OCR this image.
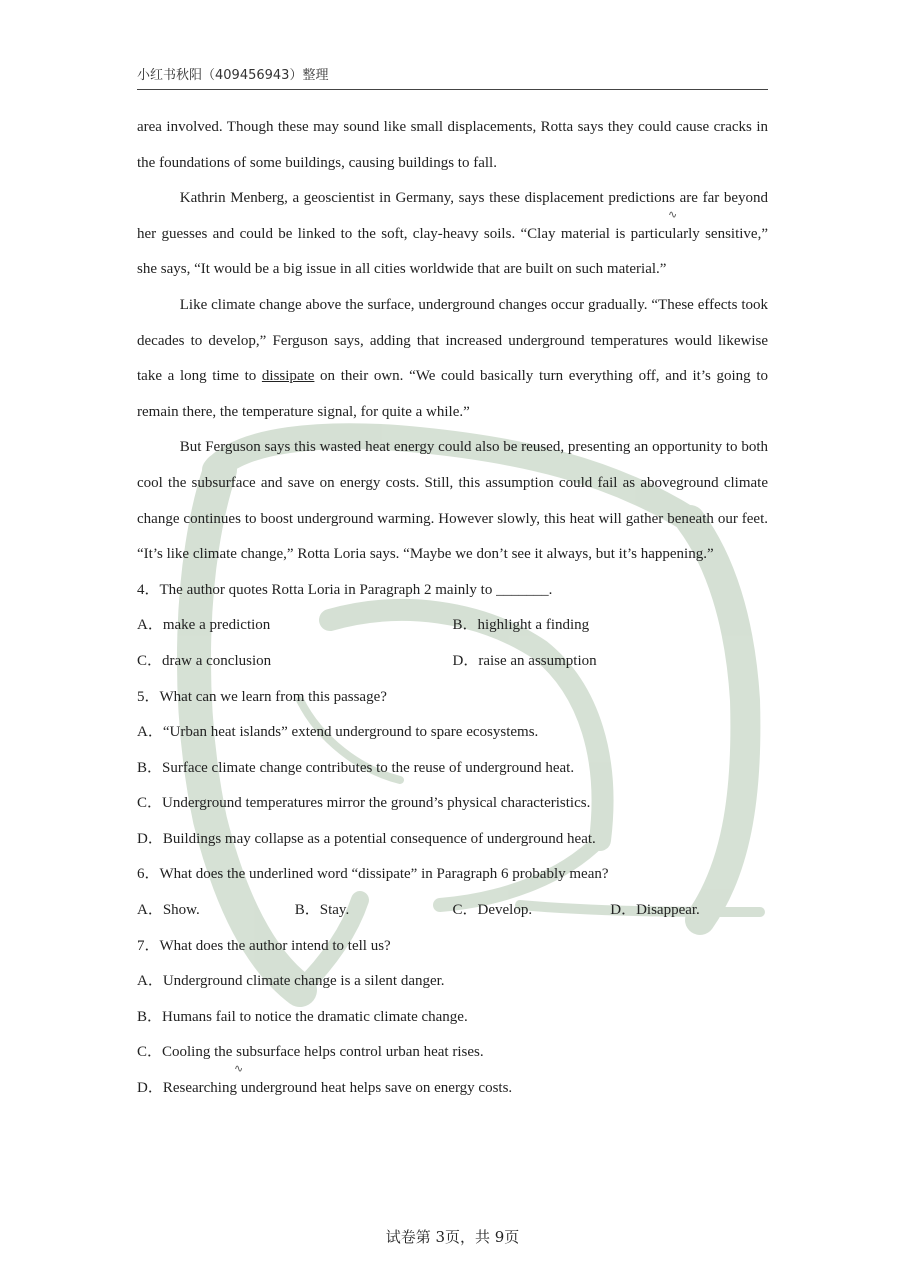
小红书秋阳（409456943）整理
∿
∿

area involved. Though these may sound like small displacements, Rotta says they could cause cracks in the foundations of some buildings, causing buildings to fall.

Kathrin Menberg, a geoscientist in Germany, says these displacement predictions are far beyond her guesses and could be linked to the soft, clay-heavy soils. “Clay material is particularly sensitive,” she says, “It would be a big issue in all cities worldwide that are built on such material.”

Like climate change above the surface, underground changes occur gradually. “These effects took decades to develop,” Ferguson says, adding that increased underground temperatures would likewise take a long time to dissipate on their own. “We could basically turn everything off, and it’s going to remain there, the temperature signal, for quite a while.”

But Ferguson says this wasted heat energy could also be reused, presenting an opportunity to both cool the subsurface and save on energy costs. Still, this assumption could fail as aboveground climate change continues to boost underground warming. However slowly, this heat will gather beneath our feet. “It’s like climate change,” Rotta Loria says. “Maybe we don’t see it always, but it’s happening.”

4．The author quotes Rotta Loria in Paragraph 2 mainly to _______.
A．make a prediction	B．highlight a finding
C．draw a conclusion	D．raise an assumption
5．What can we learn from this passage?
A．“Urban heat islands” extend underground to spare ecosystems.
B．Surface climate change contributes to the reuse of underground heat.
C．Underground temperatures mirror the ground’s physical characteristics.
D．Buildings may collapse as a potential consequence of underground heat.
6．What does the underlined word “dissipate” in Paragraph 6 probably mean?
A．Show.	B．Stay.	C．Develop.	D．Disappear.
7．What does the author intend to tell us?
A．Underground climate change is a silent danger.
B．Humans fail to notice the dramatic climate change.
C．Cooling the subsurface helps control urban heat rises.
D．Researching underground heat helps save on energy costs.
试卷第 3页，共 9页
